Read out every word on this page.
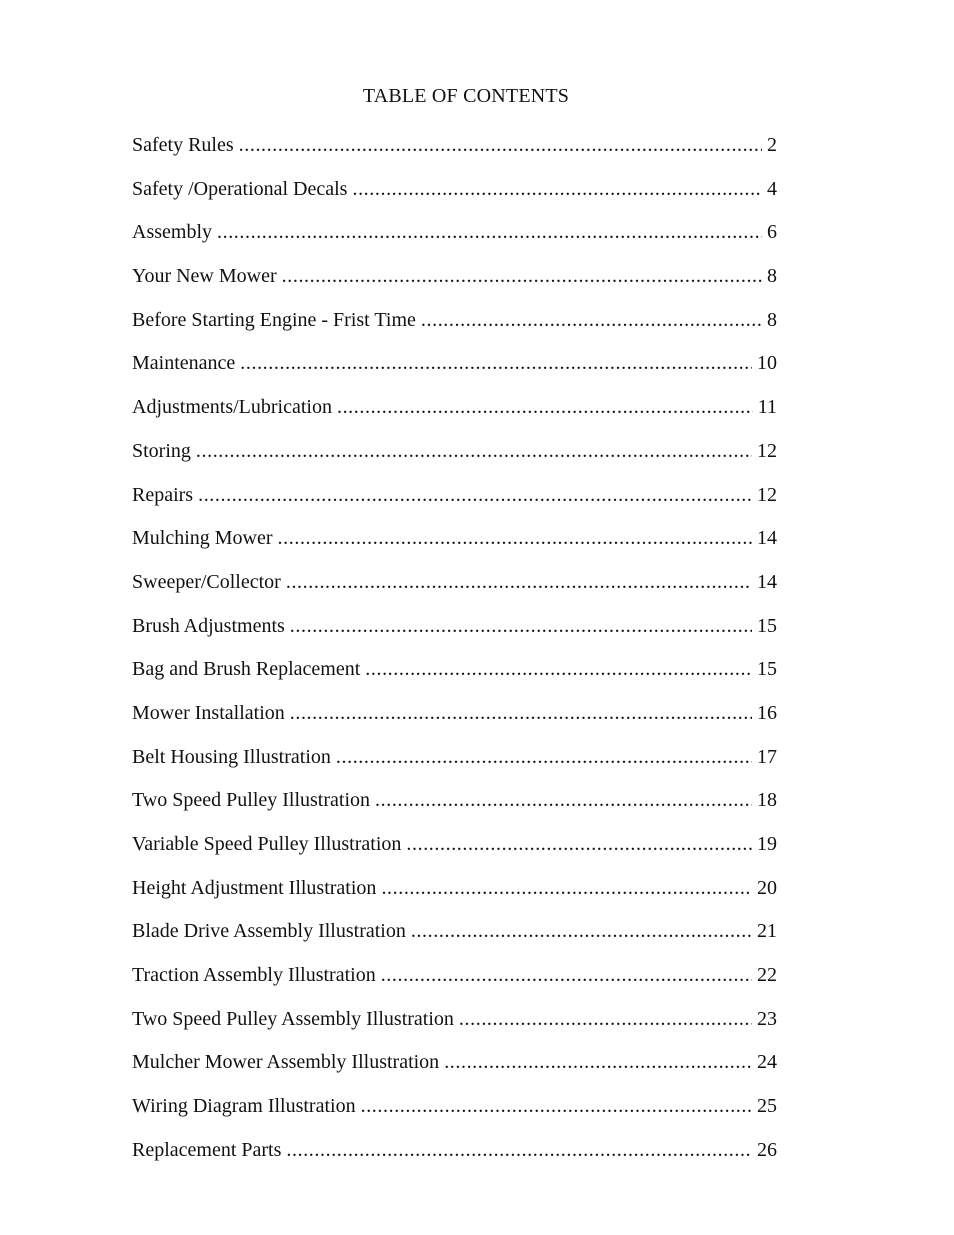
TABLE OF CONTENTS
Safety Rules .....	2
Safety /Operational Decals .....	4
Assembly .....	6
Your New Mower .....	8
Before Starting Engine - Frist Time .....	8
Maintenance .....	10
Adjustments/Lubrication .....	11
Storing .....	12
Repairs .....	12
Mulching Mower .....	14
Sweeper/Collector .....	14
Brush Adjustments .....	15
Bag and Brush Replacement .....	15
Mower Installation .....	16
Belt Housing Illustration .....	17
Two Speed Pulley Illustration .....	18
Variable Speed Pulley Illustration .....	19
Height Adjustment Illustration .....	20
Blade Drive Assembly Illustration .....	21
Traction Assembly Illustration .....	22
Two Speed Pulley Assembly Illustration .....	23
Mulcher Mower Assembly Illustration .....	24
Wiring Diagram Illustration .....	25
Replacement Parts .....	26
